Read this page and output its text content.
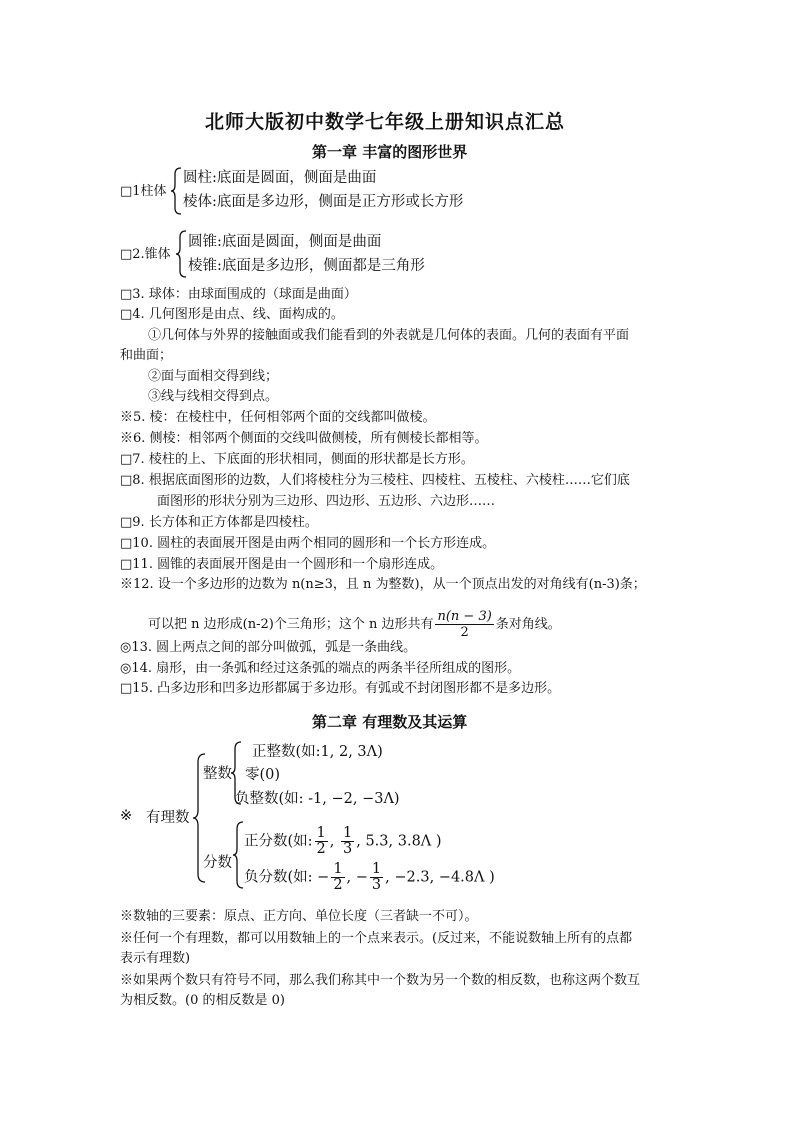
北师大版初中数学七年级上册知识点汇总
第一章 丰富的图形世界
□1柱体
圆柱:底面是圆面，侧面是曲面
棱体:底面是多边形，侧面是正方形或长方形
□2.锥体
圆锥:底面是圆面，侧面是曲面
棱锥:底面是多边形，侧面都是三角形
□3. 球体：由球面围成的（球面是曲面）
□4. 几何图形是由点、线、面构成的。
①几何体与外界的接触面或我们能看到的外表就是几何体的表面。几何的表面有平面
和曲面；
②面与面相交得到线；
③线与线相交得到点。
※5. 棱：在棱柱中，任何相邻两个面的交线都叫做棱。
※6. 侧棱：相邻两个侧面的交线叫做侧棱，所有侧棱长都相等。
□7. 棱柱的上、下底面的形状相同，侧面的形状都是长方形。
□8. 根据底面图形的边数，人们将棱柱分为三棱柱、四棱柱、五棱柱、六棱柱……它们底
面图形的形状分别为三边形、四边形、五边形、六边形……
□9. 长方体和正方体都是四棱柱。
□10. 圆柱的表面展开图是由两个相同的圆形和一个长方形连成。
□11. 圆锥的表面展开图是由一个圆形和一个扇形连成。
※12. 设一个多边形的边数为 n(n≥3，且 n 为整数)，从一个顶点出发的对角线有(n-3)条；
可以把 n 边形成(n-2)个三角形；这个 n 边形共有 $\frac{n(n - 3)}{2}$ 条对角线。
◎13. 圆上两点之间的部分叫做弧，弧是一条曲线。
◎14. 扇形，由一条弧和经过这条弧的端点的两条半径所组成的图形。
□15. 凸多边形和凹多边形都属于多边形。有弧或不封闭图形都不是多边形。
第二章 有理数及其运算
※ 有理数
整数
正整数(如:1, 2, 3Λ)
零(0)
负整数(如: -1, −2, −3Λ)
分数
正分数(如: $\frac{1}{2}$ , $\frac{1}{3}$ , 5.3, 3.8Λ )
负分数(如: − $\frac{1}{2}$ , − $\frac{1}{3}$ , −2.3, −4.8Λ )
※数轴的三要素：原点、正方向、单位长度（三者缺一不可）。
※任何一个有理数，都可以用数轴上的一个点来表示。(反过来，不能说数轴上所有的点都
表示有理数)
※如果两个数只有符号不同，那么我们称其中一个数为另一个数的相反数，也称这两个数互
为相反数。(0 的相反数是 0)
